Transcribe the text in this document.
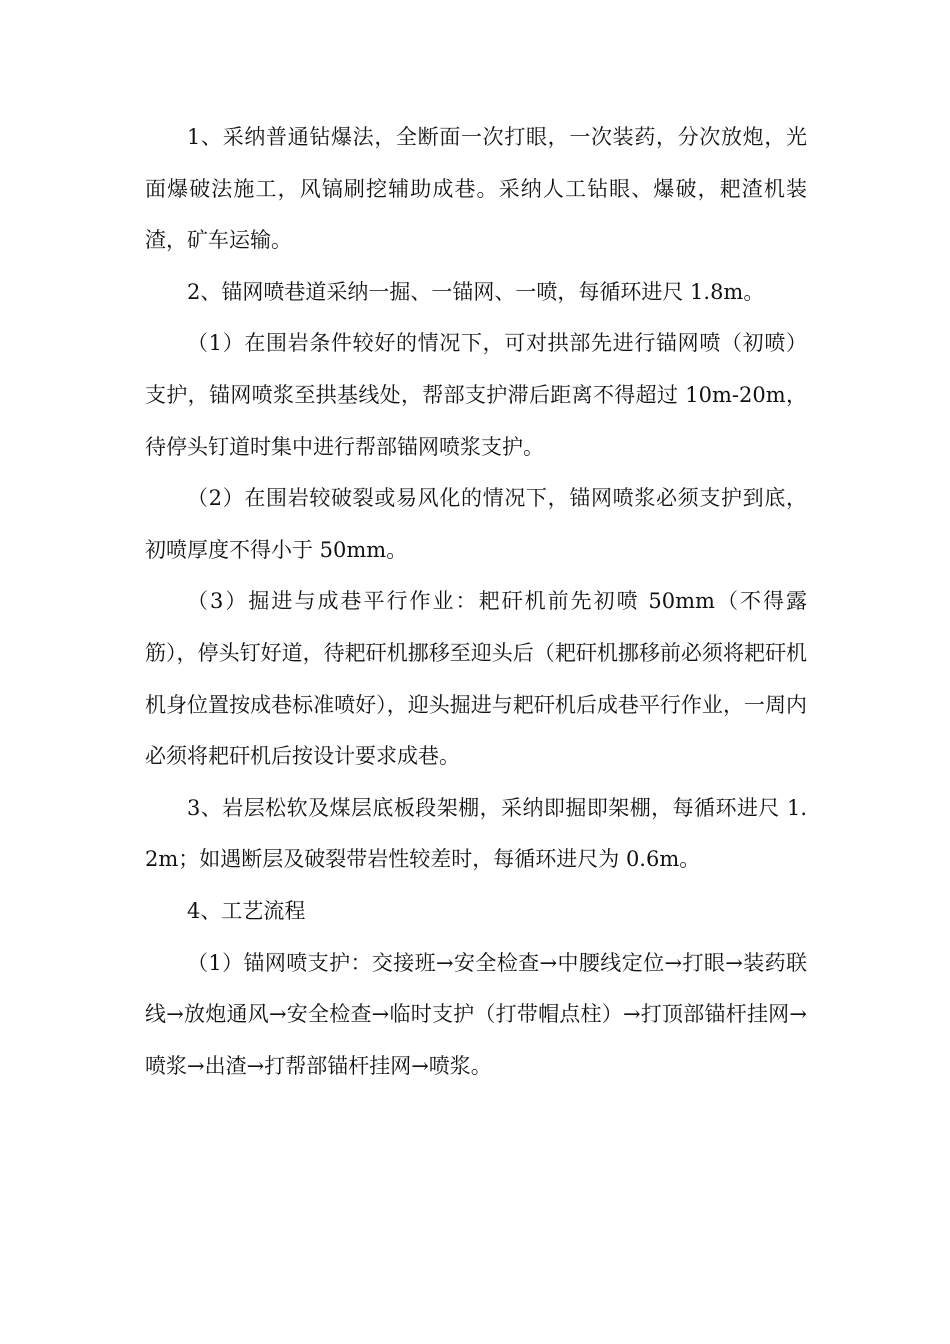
1、采纳普通钻爆法，全断面一次打眼，一次装药，分次放炮，光面爆破法施工，风镐刷挖辅助成巷。采纳人工钻眼、爆破，耙渣机装渣，矿车运输。

2、锚网喷巷道采纳一掘、一锚网、一喷，每循环进尺 1.8m。

（1）在围岩条件较好的情况下，可对拱部先进行锚网喷（初喷）支护，锚网喷浆至拱基线处，帮部支护滞后距离不得超过 10m-20m，待停头钉道时集中进行帮部锚网喷浆支护。

（2）在围岩较破裂或易风化的情况下，锚网喷浆必须支护到底，初喷厚度不得小于 50mm。

（3）掘进与成巷平行作业：耙矸机前先初喷 50mm（不得露筋），停头钉好道，待耙矸机挪移至迎头后（耙矸机挪移前必须将耙矸机机身位置按成巷标准喷好），迎头掘进与耙矸机后成巷平行作业，一周内必须将耙矸机后按设计要求成巷。

3、岩层松软及煤层底板段架棚，采纳即掘即架棚，每循环进尺 1.2m；如遇断层及破裂带岩性较差时，每循环进尺为 0.6m。

4、工艺流程

（1）锚网喷支护：交接班→安全检查→中腰线定位→打眼→装药联线→放炮通风→安全检查→临时支护（打带帽点柱）→打顶部锚杆挂网→喷浆→出渣→打帮部锚杆挂网→喷浆。
